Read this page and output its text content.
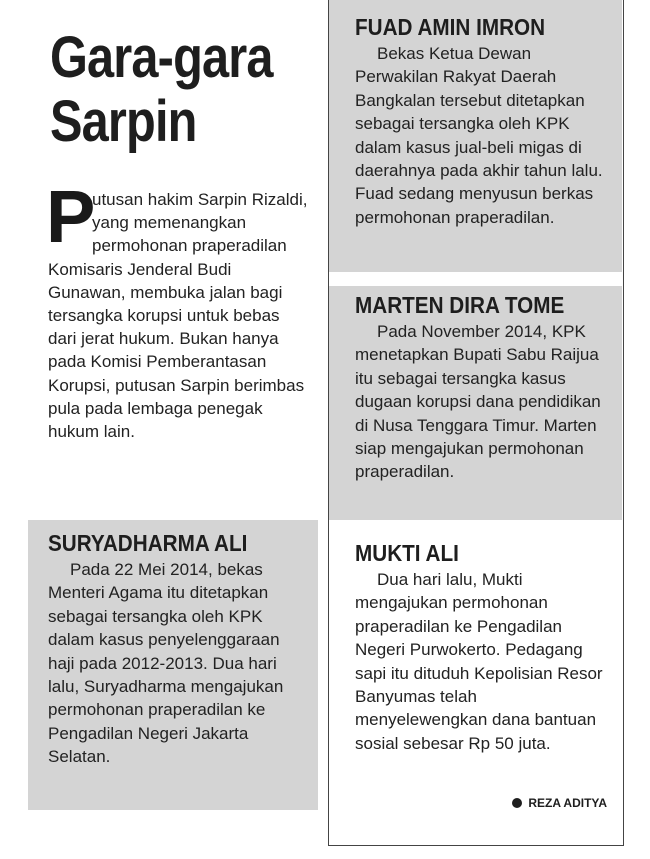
Gara-gara
Sarpin
P
utusan hakim Sarpin Rizaldi, yang memenangkan permohonan praperadilan Komisaris Jenderal Budi Gunawan, membuka jalan bagi tersangka korupsi untuk bebas dari jerat hukum. Bukan hanya pada Komisi Pemberantasan Korupsi, putusan Sarpin berimbas pula pada lembaga penegak hukum lain.

SURYADHARMA ALI

Pada 22 Mei 2014, bekas Menteri Agama itu ditetapkan sebagai tersangka oleh KPK dalam kasus penyelenggaraan haji pada 2012-2013. Dua hari lalu, Suryadharma mengajukan permohonan praperadilan ke Pengadilan Negeri Jakarta Selatan.

FUAD AMIN IMRON

Bekas Ketua Dewan Perwakilan Rakyat Daerah Bangkalan tersebut ditetapkan sebagai tersangka oleh KPK dalam kasus jual-beli migas di daerahnya pada akhir tahun lalu. Fuad sedang menyusun berkas permohonan praperadilan.

MARTEN DIRA TOME

Pada November 2014, KPK menetapkan Bupati Sabu Raijua itu sebagai tersangka kasus dugaan korupsi dana pendidikan di Nusa Tenggara Timur. Marten siap mengajukan permohonan praperadilan.

MUKTI ALI

Dua hari lalu, Mukti mengajukan permohonan praperadilan ke Pengadilan Negeri Purwokerto. Pedagang sapi itu dituduh Kepolisian Resor Banyumas telah menyelewengkan dana bantuan sosial sebesar Rp 50 juta.

REZA ADITYA
